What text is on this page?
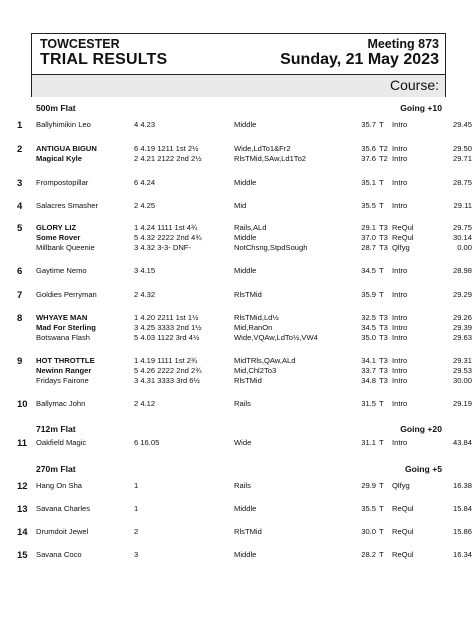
TOWCESTER	Meeting 873
TRIAL RESULTS	Sunday, 21 May 2023
Course:
500m Flat	Going +10
712m Flat	Going +20
270m Flat	Going +5
1	Ballyhimikin Leo	4 4.23	Middle	35.7 T Intro	29.45
2	ANTIGUA BIGUN	6 4.19 1211 1st 2½	Wide,LdTo1&Fr2	35.6 T2 Intro	29.50
Magical Kyle	2 4.21 2122 2nd 2½	RlsTMid,SAw,Ld1To2	37.6 T2 Intro	29.71
3	Frompostopillar	6 4.24	Middle	35.1 T Intro	28.75
4	Salacres Smasher	2 4.25	Mid	35.5 T Intro	29.11
5	GLORY LIZ	1 4.24 1111 1st 4¾	Rails,ALd	29.1 T3 ReQul	29.75
Some Rover	5 4.32 2222 2nd 4¾	Middle	37.0 T3 ReQul	30.14
Millbank Queenie	3 4.32 3-3- DNF-	NotChsng,StpdSough	28.7 T3 Qlfyg	0.00
6	Gaytime Nemo	3 4.15	Middle	34.5 T Intro	28.98
7	Goldies Perryman	2 4.32	RlsTMid	35.9 T Intro	29.29
8	WHYAYE MAN	1 4.20 2211 1st 1½	RlsTMid,Ld½	32.5 T3 Intro	29.26
Mad For Sterling	3 4.25 3333 2nd 1½	Mid,RanOn	34.5 T3 Intro	29.39
Botswana Flash	5 4.03 1122 3rd 4½	Wide,VQAw,LdTo½,VW4	35.0 T3 Intro	29.63
9	HOT THROTTLE	1 4.19 1111 1st 2¾	MidTRls,QAw,ALd	34.1 T3 Intro	29.31
Newinn Ranger	5 4.26 2222 2nd 2¾	Mid,Chl2To3	33.7 T3 Intro	29.53
Fridays Fairone	3 4.31 3333 3rd 6½	RlsTMid	34.8 T3 Intro	30.00
10 Ballymac John	2 4.12	Rails	31.5 T Intro	29.19
11 Oakfield Magic	6 16.05	Wide	31.1 T Intro	43.84
12 Hang On Sha	1	Rails	29.9 T Qlfyg	16.38
13 Savana Charles	1	Middle	35.5 T ReQul	15.84
14 Drumdoit Jewel	2	RlsTMid	30.0 T ReQul	15.86
15 Savana Coco	3	Middle	28.2 T ReQul	16.34
